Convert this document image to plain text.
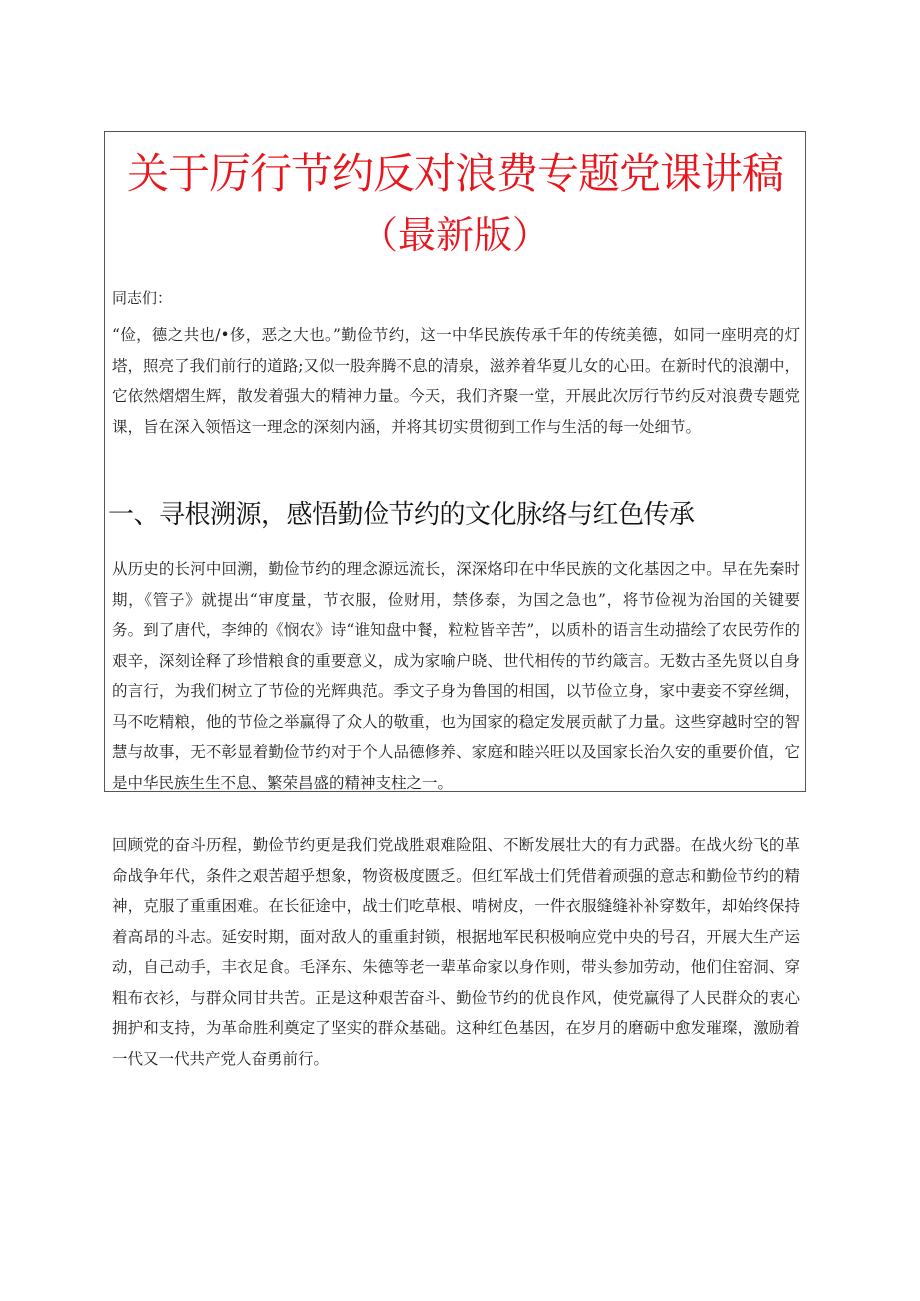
关于厉行节约反对浪费专题党课讲稿
（最新版）

同志们：

“俭，德之共也/•侈，恶之大也。”勤俭节约，这一中华民族传承千年的传统美德，如同一座明亮的灯塔，照亮了我们前行的道路;又似一股奔腾不息的清泉，滋养着华夏儿女的心田。在新时代的浪潮中，它依然熠熠生辉，散发着强大的精神力量。今天，我们齐聚一堂，开展此次厉行节约反对浪费专题党课，旨在深入领悟这一理念的深刻内涵，并将其切实贯彻到工作与生活的每一处细节。

一、寻根溯源，感悟勤俭节约的文化脉络与红色传承

从历史的长河中回溯，勤俭节约的理念源远流长，深深烙印在中华民族的文化基因之中。早在先秦时期，《管子》就提出“审度量，节衣服，俭财用，禁侈泰，为国之急也”，将节俭视为治国的关键要务。到了唐代，李绅的《悯农》诗“谁知盘中餐，粒粒皆辛苦”，以质朴的语言生动描绘了农民劳作的艰辛，深刻诠释了珍惜粮食的重要意义，成为家喻户晓、世代相传的节约箴言。无数古圣先贤以自身的言行，为我们树立了节俭的光辉典范。季文子身为鲁国的相国，以节俭立身，家中妻妾不穿丝绸，马不吃精粮，他的节俭之举赢得了众人的敬重，也为国家的稳定发展贡献了力量。这些穿越时空的智慧与故事，无不彰显着勤俭节约对于个人品德修养、家庭和睦兴旺以及国家长治久安的重要价值，它是中华民族生生不息、繁荣昌盛的精神支柱之一。

回顾党的奋斗历程，勤俭节约更是我们党战胜艰难险阻、不断发展壮大的有力武器。在战火纷飞的革命战争年代，条件之艰苦超乎想象，物资极度匮乏。但红军战士们凭借着顽强的意志和勤俭节约的精神，克服了重重困难。在长征途中，战士们吃草根、啃树皮，一件衣服缝缝补补穿数年，却始终保持着高昂的斗志。延安时期，面对敌人的重重封锁，根据地军民积极响应党中央的号召，开展大生产运动，自己动手，丰衣足食。毛泽东、朱德等老一辈革命家以身作则，带头参加劳动，他们住窑洞、穿粗布衣衫，与群众同甘共苦。正是这种艰苦奋斗、勤俭节约的优良作风，使党赢得了人民群众的衷心拥护和支持，为革命胜利奠定了坚实的群众基础。这种红色基因，在岁月的磨砺中愈发璀璨，激励着一代又一代共产党人奋勇前行。
